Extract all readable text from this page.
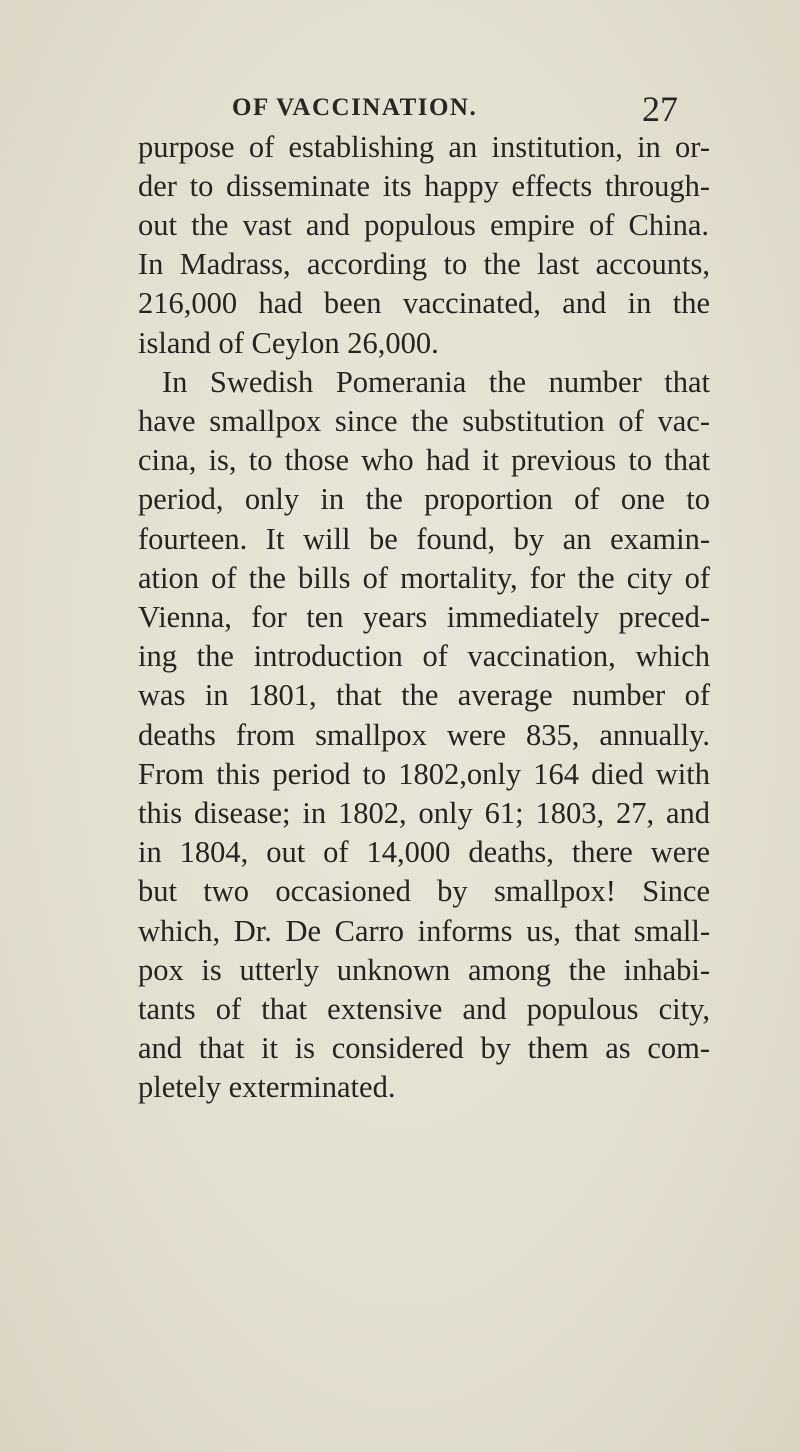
OF VACCINATION.	27
purpose of establishing an institution, in or-
der to disseminate its happy effects through-
out the vast and populous empire of China.
In Madrass, according to the last accounts,
216,000 had been vaccinated, and in the
island of Ceylon 26,000.
In Swedish Pomerania the number that
have smallpox since the substitution of vac-
cina, is, to those who had it previous to that
period, only in the proportion of one to
fourteen. It will be found, by an examin-
ation of the bills of mortality, for the city of
Vienna, for ten years immediately preced-
ing the introduction of vaccination, which
was in 1801, that the average number of
deaths from smallpox were 835, annually.
From this period to 1802,only 164 died with
this disease; in 1802, only 61; 1803, 27, and
in 1804, out of 14,000 deaths, there were
but two occasioned by smallpox! Since
which, Dr. De Carro informs us, that small-
pox is utterly unknown among the inhabi-
tants of that extensive and populous city,
and that it is considered by them as com-
pletely exterminated.
